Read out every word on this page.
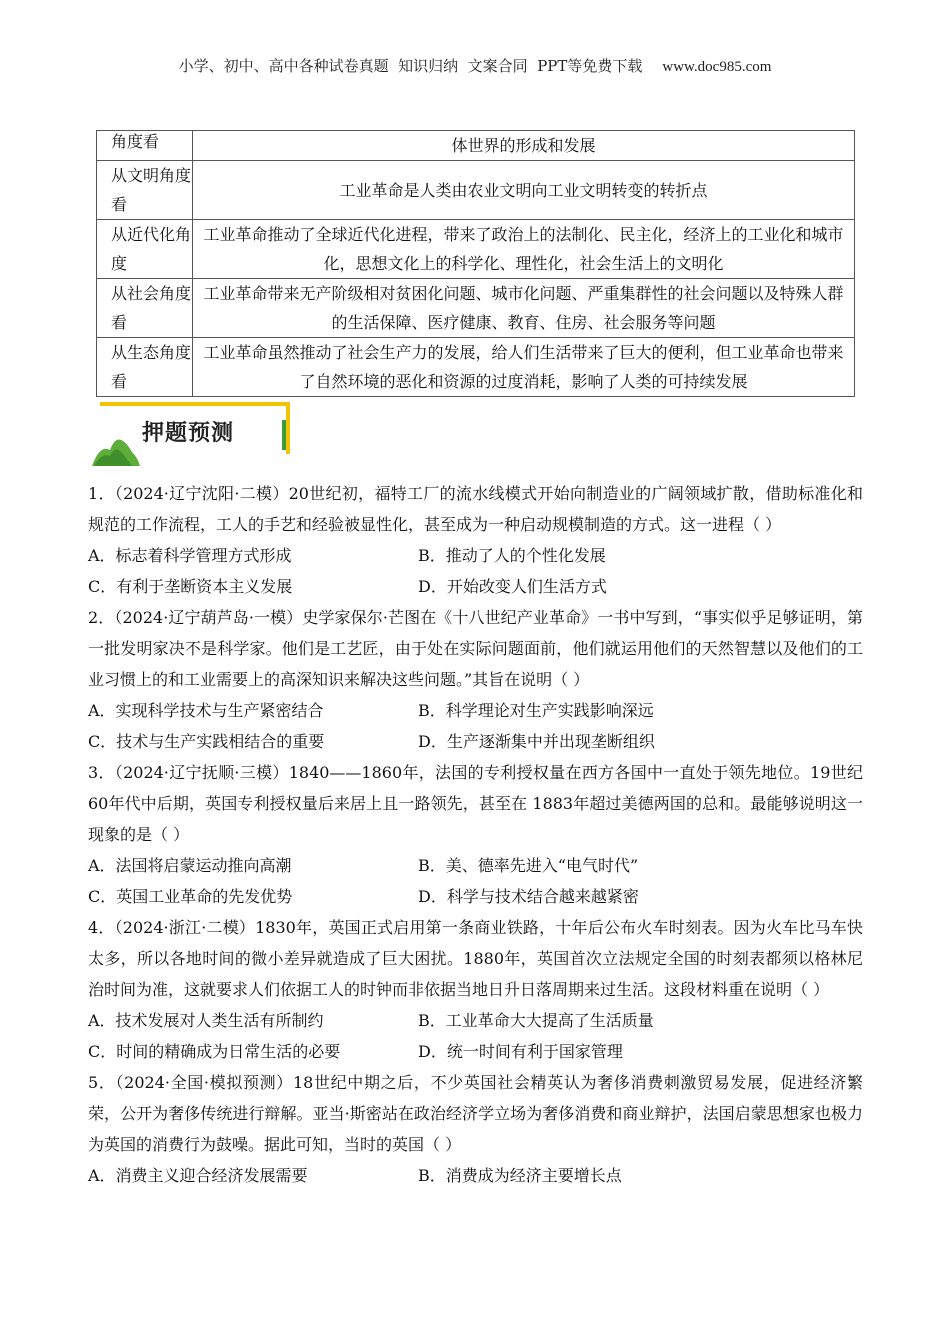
小学、初中、高中各种试卷真题  知识归纳  文案合同  PPT等免费下载 www.doc985.com
角度看	体世界的形成和发展
从文明角度看	工业革命是人类由农业文明向工业文明转变的转折点
从近代化角度	工业革命推动了全球近代化进程，带来了政治上的法制化、民主化，经济上的工业化和城市化，思想文化上的科学化、理性化，社会生活上的文明化
从社会角度看	工业革命带来无产阶级相对贫困化问题、城市化问题、严重集群性的社会问题以及特殊人群的生活保障、医疗健康、教育、住房、社会服务等问题
从生态角度看	工业革命虽然推动了社会生产力的发展，给人们生活带来了巨大的便利，但工业革命也带来了自然环境的恶化和资源的过度消耗，影响了人类的可持续发展
押题预测
1．（2024·辽宁沈阳·二模）20世纪初，福特工厂的流水线模式开始向制造业的广阔领域扩散，借助标准化和规范的工作流程，工人的手艺和经验被显性化，甚至成为一种启动规模制造的方式。这一进程（ ）
A．标志着科学管理方式形成	B．推动了人的个性化发展
C．有利于垄断资本主义发展	D．开始改变人们生活方式
2．（2024·辽宁葫芦岛·一模）史学家保尔·芒图在《十八世纪产业革命》一书中写到，“事实似乎足够证明，第一批发明家决不是科学家。他们是工艺匠，由于处在实际问题面前，他们就运用他们的天然智慧以及他们的工业习惯上的和工业需要上的高深知识来解决这些问题。”其旨在说明（ ）
A．实现科学技术与生产紧密结合	B．科学理论对生产实践影响深远
C．技术与生产实践相结合的重要	D．生产逐渐集中并出现垄断组织
3．（2024·辽宁抚顺·三模）1840——1860年，法国的专利授权量在西方各国中一直处于领先地位。19世纪60年代中后期，英国专利授权量后来居上且一路领先，甚至在 1883年超过美德两国的总和。最能够说明这一现象的是（ ）
A．法国将启蒙运动推向高潮	B．美、德率先进入“电气时代”
C．英国工业革命的先发优势	D．科学与技术结合越来越紧密
4．（2024·浙江·二模）1830年，英国正式启用第一条商业铁路，十年后公布火车时刻表。因为火车比马车快太多，所以各地时间的微小差异就造成了巨大困扰。1880年，英国首次立法规定全国的时刻表都须以格林尼治时间为准，这就要求人们依据工人的时钟而非依据当地日升日落周期来过生活。这段材料重在说明（ ）
A．技术发展对人类生活有所制约	B．工业革命大大提高了生活质量
C．时间的精确成为日常生活的必要	D．统一时间有利于国家管理
5．（2024·全国·模拟预测）18世纪中期之后，不少英国社会精英认为奢侈消费刺激贸易发展，促进经济繁荣，公开为奢侈传统进行辩解。亚当·斯密站在政治经济学立场为奢侈消费和商业辩护，法国启蒙思想家也极力为英国的消费行为鼓噪。据此可知，当时的英国（ ）
A．消费主义迎合经济发展需要	B．消费成为经济主要增长点
